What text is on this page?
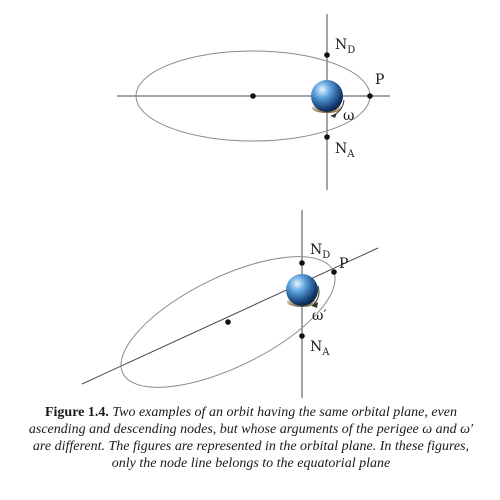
$N_D$
P
ω
$N_A$
$N_D$
P
ω′
$N_A$

Figure 1.4. Two examples of an orbit having the same orbital plane, even ascending and descending nodes, but whose arguments of the perigee ω and ω′ are different. The figures are represented in the orbital plane. In these figures, only the node line belongs to the equatorial plane
